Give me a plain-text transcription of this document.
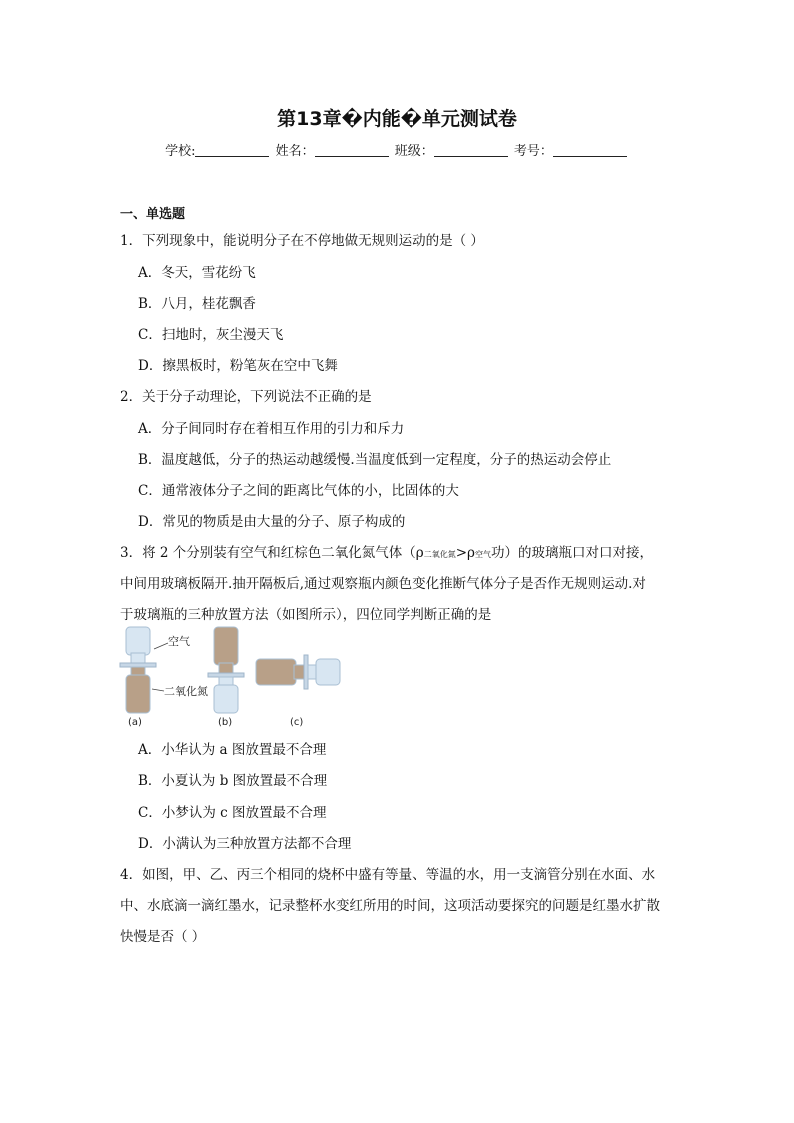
第13章�内能�单元测试卷
学校:	姓名：	班级：	考号：
一、单选题
1．下列现象中，能说明分子在不停地做无规则运动的是（ ）
A．冬天，雪花纷飞
B．八月，桂花飘香
C．扫地时，灰尘漫天飞
D．擦黑板时，粉笔灰在空中飞舞
2．关于分子动理论，下列说法不正确的是
A．分子间同时存在着相互作用的引力和斥力
B．温度越低，分子的热运动越缓慢.当温度低到一定程度，分子的热运动会停止
C．通常液体分子之间的距离比气体的小，比固体的大
D．常见的物质是由大量的分子、原子构成的
3．将 2 个分别装有空气和红棕色二氧化氮气体（ρ二氧化氮>ρ空气功）的玻璃瓶口对口对接，
中间用玻璃板隔开.抽开隔板后,通过观察瓶内颜色变化推断气体分子是否作无规则运动.对
于玻璃瓶的三种放置方法（如图所示），四位同学判断正确的是
空气
二氧化氮
(a)	(b)	(c)
A．小华认为 a 图放置最不合理
B．小夏认为 b 图放置最不合理
C．小梦认为 c 图放置最不合理
D．小满认为三种放置方法都不合理
4．如图，甲、乙、丙三个相同的烧杯中盛有等量、等温的水，用一支滴管分别在水面、水
中、水底滴一滴红墨水，记录整杯水变红所用的时间，这项活动要探究的问题是红墨水扩散
快慢是否（ ）
